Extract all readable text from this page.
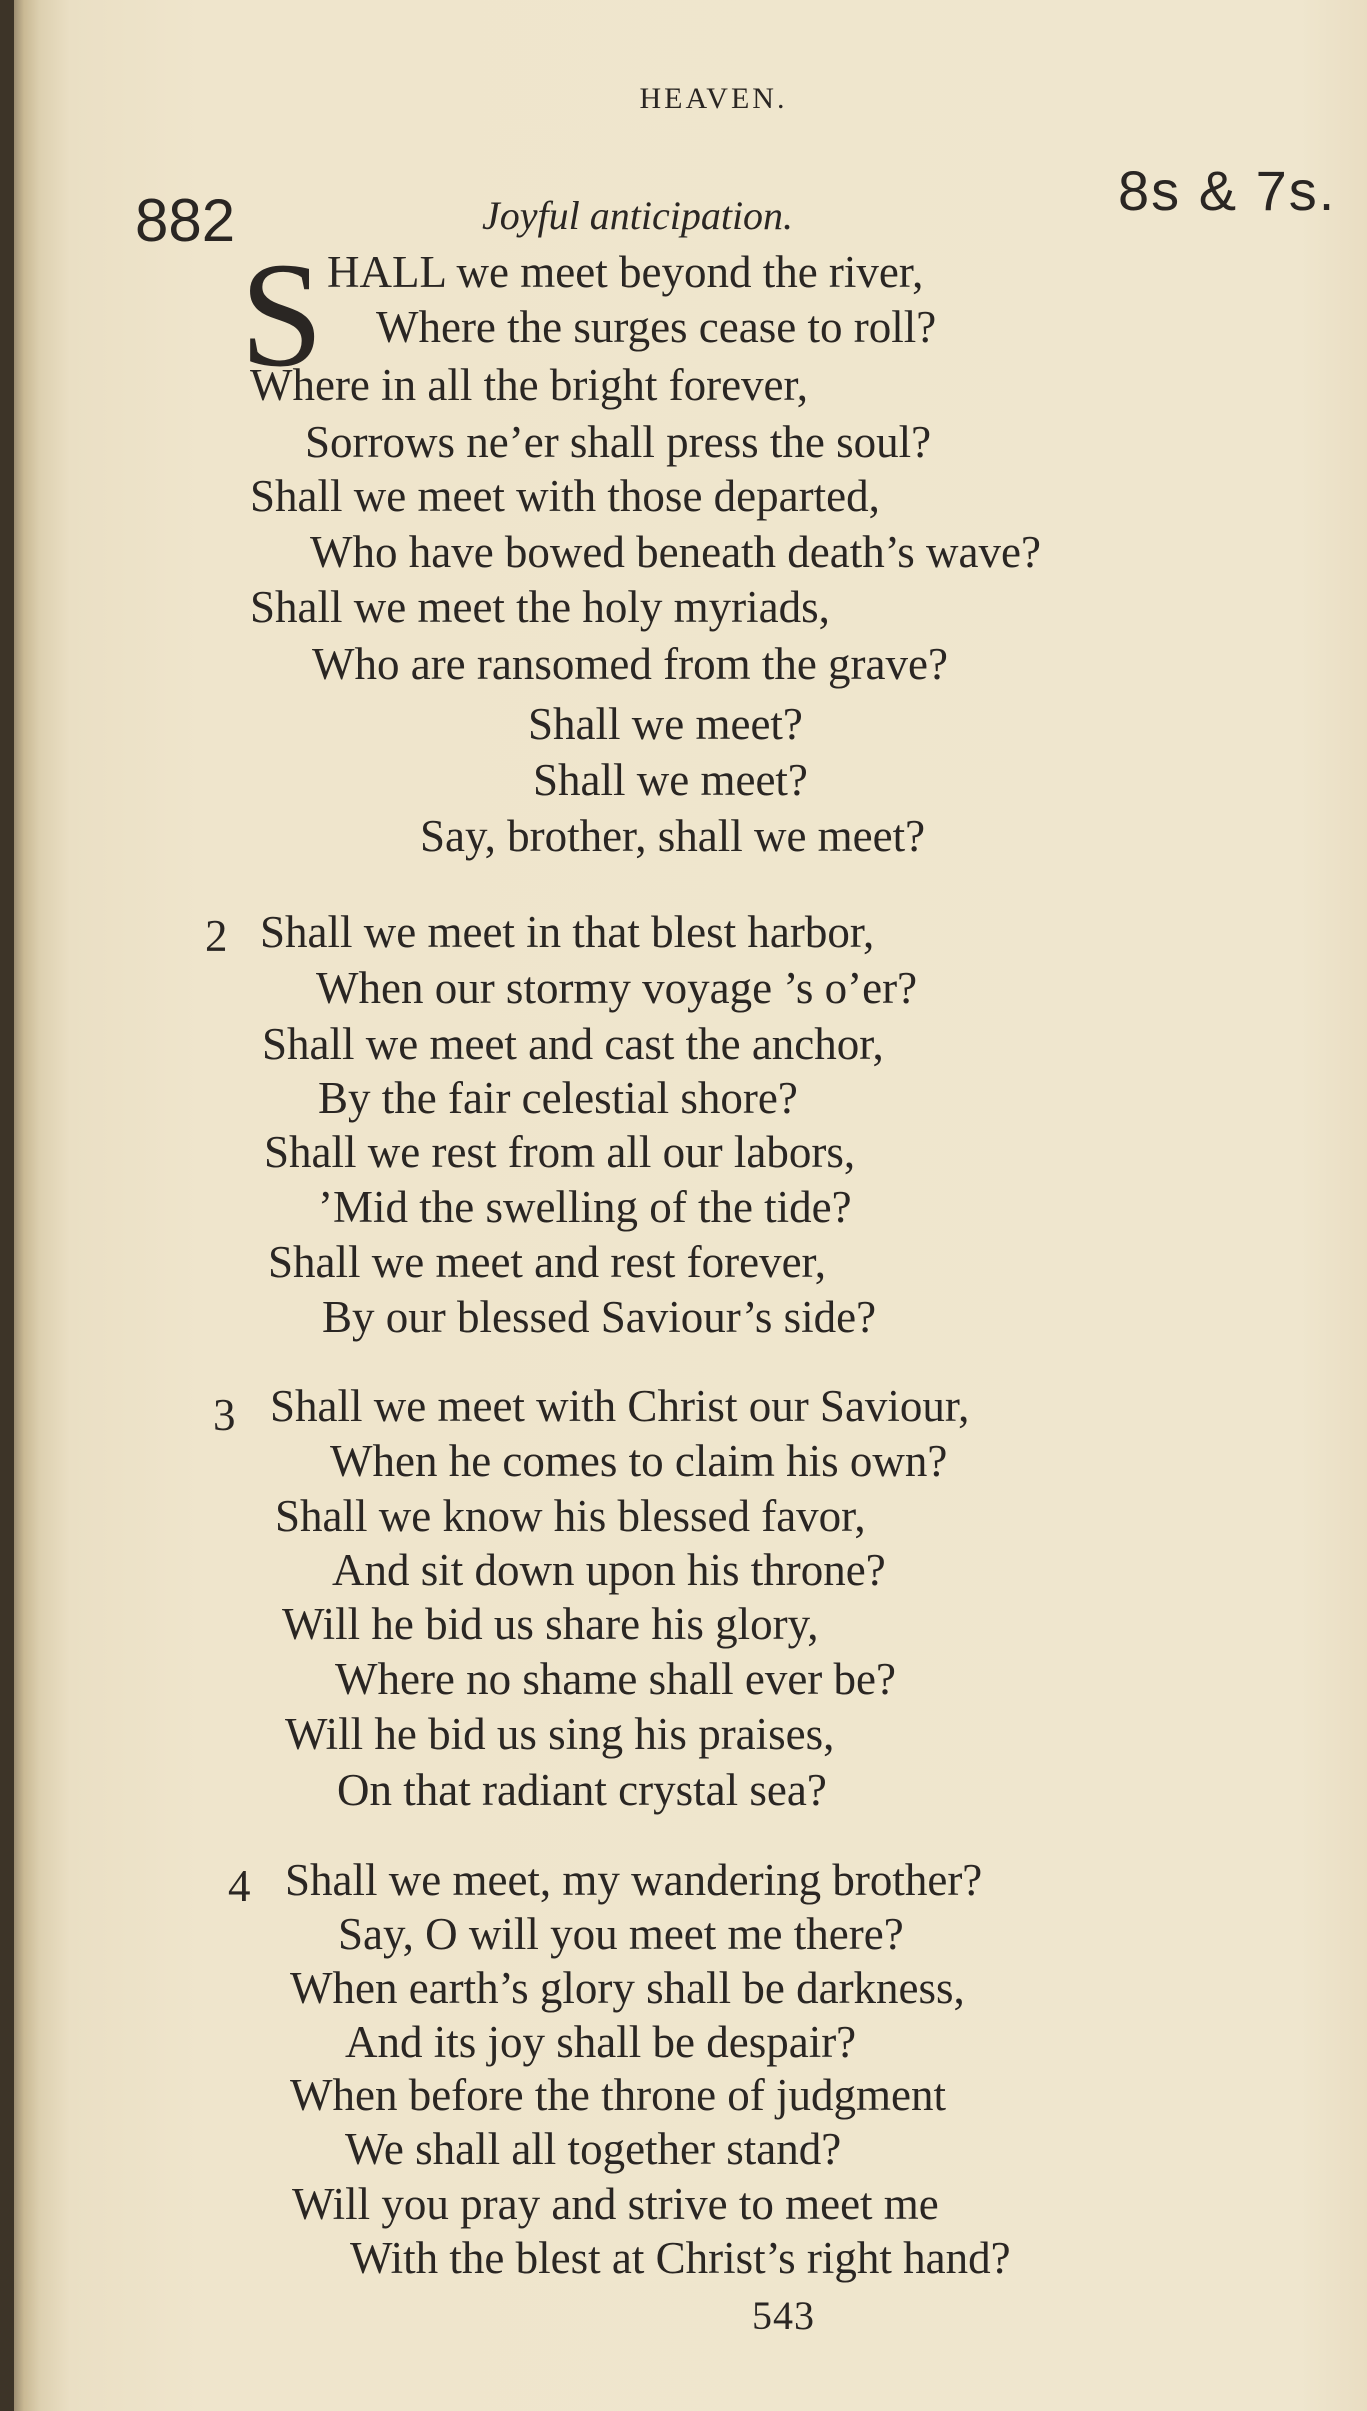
HEAVEN.
882	Joyful anticipation.	8s & 7s.
S HALL we meet beyond the river,
Where the surges cease to roll?
Where in all the bright forever,
Sorrows ne’er shall press the soul?
Shall we meet with those departed,
Who have bowed beneath death’s wave?
Shall we meet the holy myriads,
Who are ransomed from the grave?
Shall we meet?
Shall we meet?
Say, brother, shall we meet?
2 Shall we meet in that blest harbor,
When our stormy voyage ’s o’er?
Shall we meet and cast the anchor,
By the fair celestial shore?
Shall we rest from all our labors,
’Mid the swelling of the tide?
Shall we meet and rest forever,
By our blessed Saviour’s side?
3 Shall we meet with Christ our Saviour,
When he comes to claim his own?
Shall we know his blessed favor,
And sit down upon his throne?
Will he bid us share his glory,
Where no shame shall ever be?
Will he bid us sing his praises,
On that radiant crystal sea?
4 Shall we meet, my wandering brother?
Say, O will you meet me there?
When earth’s glory shall be darkness,
And its joy shall be despair?
When before the throne of judgment
We shall all together stand?
Will you pray and strive to meet me
With the blest at Christ’s right hand?
543
